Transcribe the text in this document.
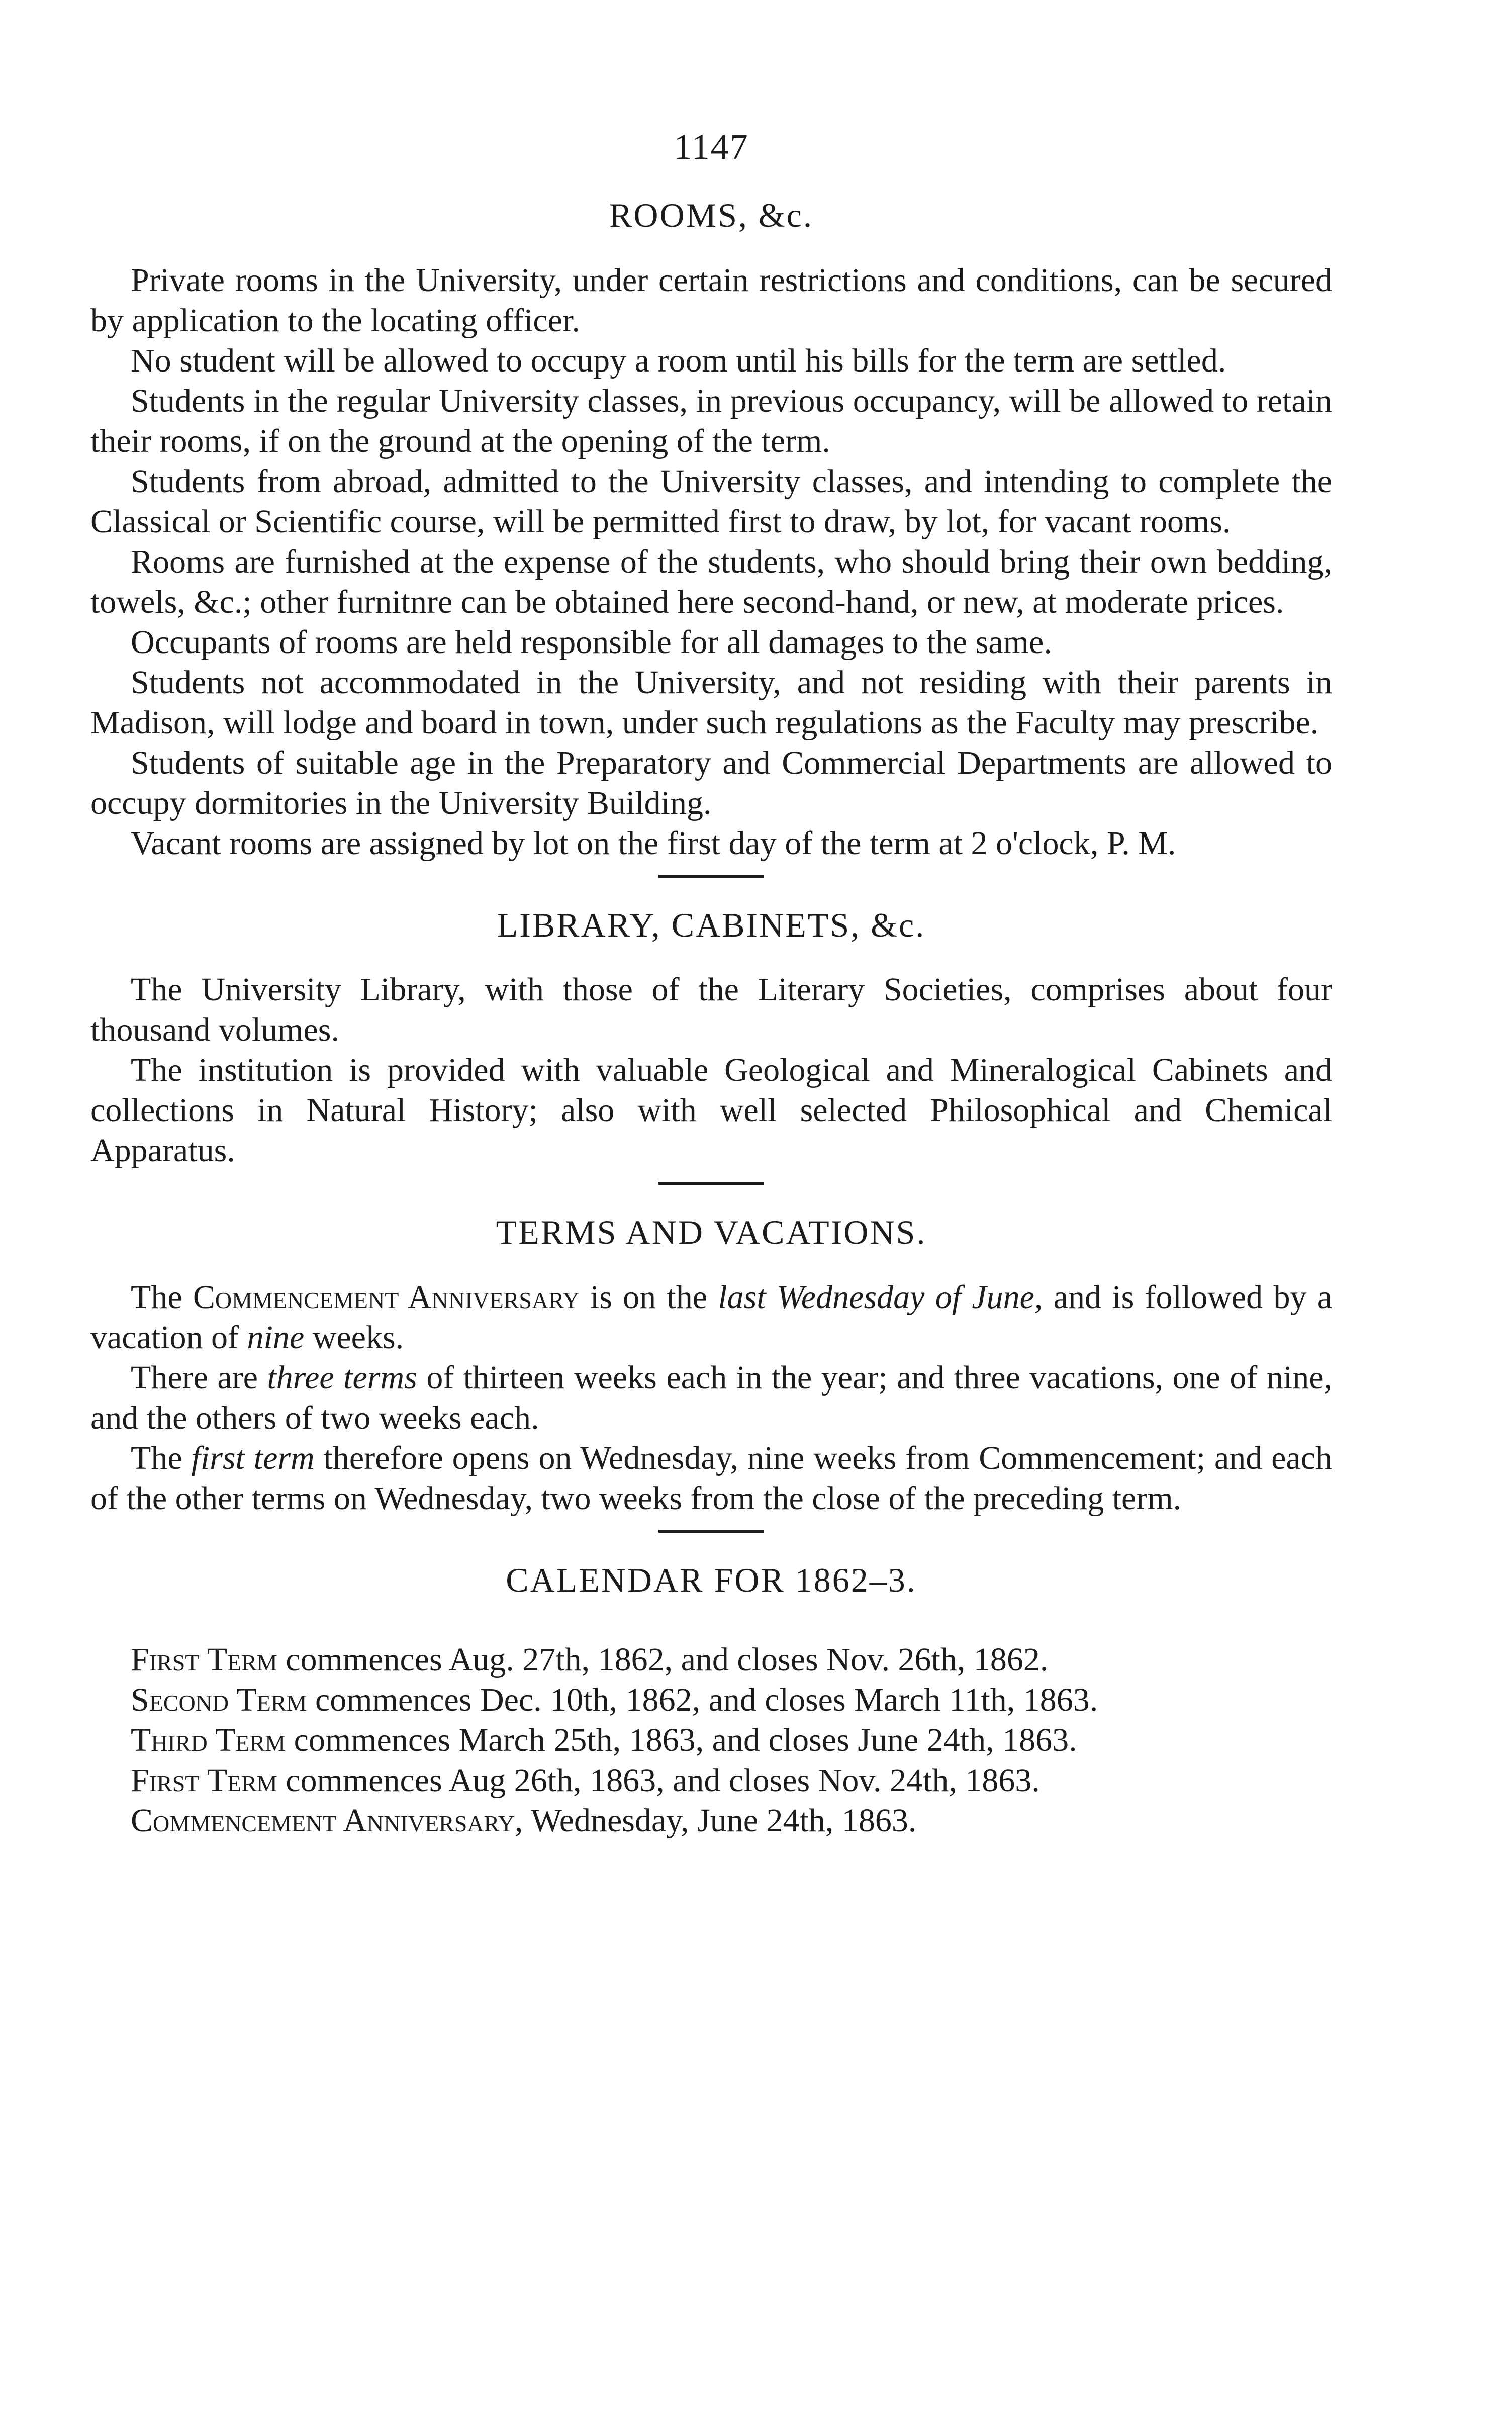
1147
ROOMS, &c.

Private rooms in the University, under certain restrictions and conditions, can be secured by application to the locating officer.

No student will be allowed to occupy a room until his bills for the term are settled.

Students in the regular University classes, in previous occupancy, will be allowed to retain their rooms, if on the ground at the opening of the term.

Students from abroad, admitted to the University classes, and intending to complete the Classical or Scientific course, will be permitted first to draw, by lot, for vacant rooms.

Rooms are furnished at the expense of the students, who should bring their own bedding, towels, &c.; other furnitnre can be obtained here second-hand, or new, at moderate prices.

Occupants of rooms are held responsible for all damages to the same.

Students not accommodated in the University, and not residing with their parents in Madison, will lodge and board in town, under such regulations as the Faculty may prescribe.

Students of suitable age in the Preparatory and Commercial Departments are allowed to occupy dormitories in the University Building.

Vacant rooms are assigned by lot on the first day of the term at 2 o'clock, P. M.

LIBRARY, CABINETS, &c.

The University Library, with those of the Literary Societies, comprises about four thousand volumes.

The institution is provided with valuable Geological and Mineralogical Cabinets and collections in Natural History; also with well selected Philosophical and Chemical Apparatus.

TERMS AND VACATIONS.

The Commencement Anniversary is on the last Wednesday of June, and is followed by a vacation of nine weeks.

There are three terms of thirteen weeks each in the year; and three vacations, one of nine, and the others of two weeks each.

The first term therefore opens on Wednesday, nine weeks from Commencement; and each of the other terms on Wednesday, two weeks from the close of the preceding term.

CALENDAR FOR 1862–3.

First Term commences Aug. 27th, 1862, and closes Nov. 26th, 1862.

Second Term commences Dec. 10th, 1862, and closes March 11th, 1863.

Third Term commences March 25th, 1863, and closes June 24th, 1863.

First Term commences Aug 26th, 1863, and closes Nov. 24th, 1863.

Commencement Anniversary, Wednesday, June 24th, 1863.
